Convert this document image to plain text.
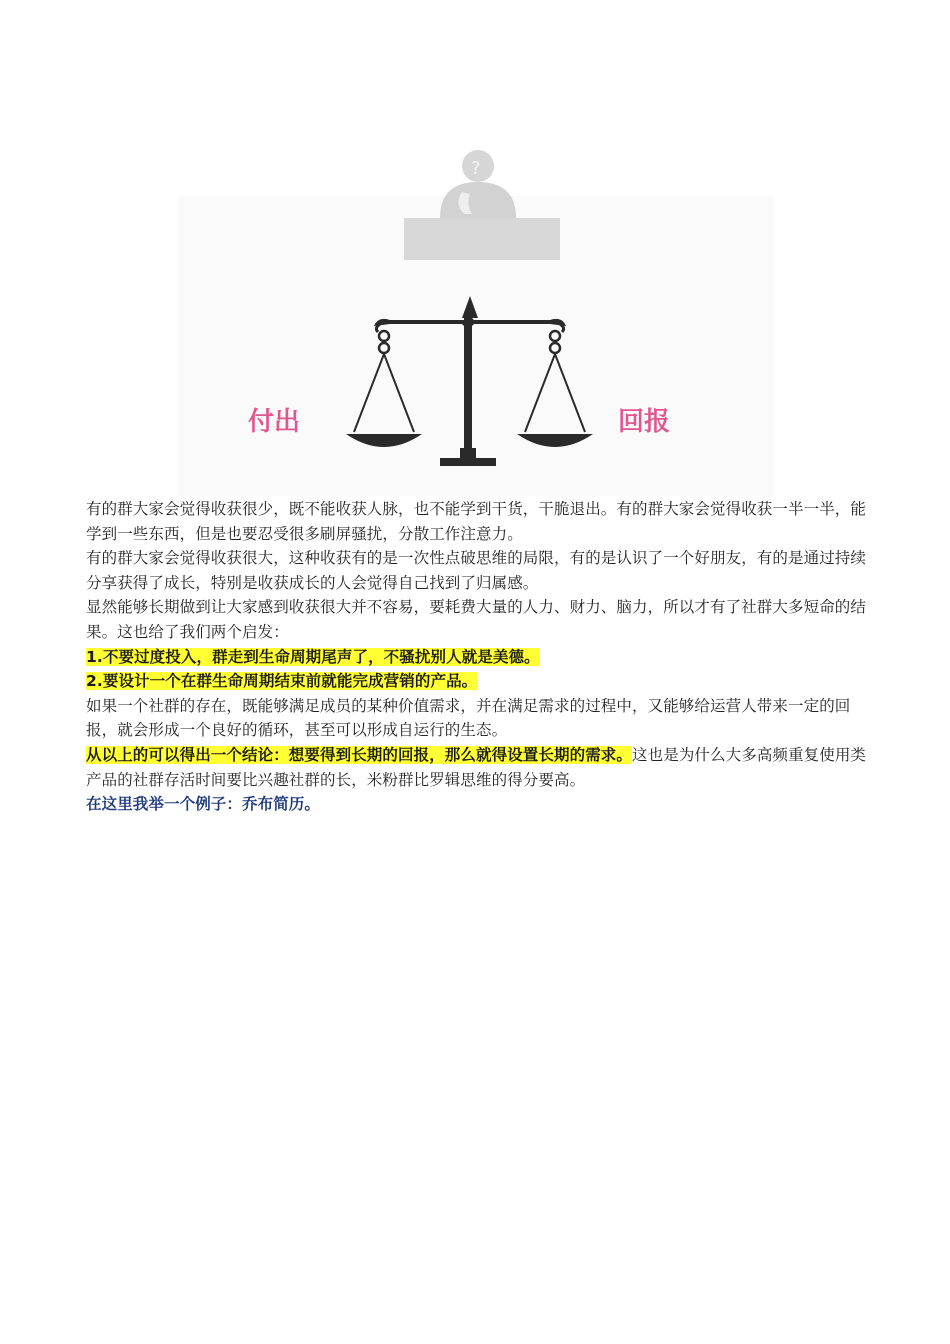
?
付出	回报

有的群大家会觉得收获很少，既不能收获人脉，也不能学到干货，干脆退出。有的群大家会觉得收获一半一半，能学到一些东西，但是也要忍受很多刷屏骚扰，分散工作注意力。

有的群大家会觉得收获很大，这种收获有的是一次性点破思维的局限，有的是认识了一个好朋友，有的是通过持续分享获得了成长，特别是收获成长的人会觉得自己找到了归属感。

显然能够长期做到让大家感到收获很大并不容易，要耗费大量的人力、财力、脑力，所以才有了社群大多短命的结果。这也给了我们两个启发：

1.不要过度投入，群走到生命周期尾声了，不骚扰别人就是美德。

2.要设计一个在群生命周期结束前就能完成营销的产品。

如果一个社群的存在，既能够满足成员的某种价值需求，并在满足需求的过程中，又能够给运营人带来一定的回报，就会形成一个良好的循环，甚至可以形成自运行的生态。

从以上的可以得出一个结论：想要得到长期的回报，那么就得设置长期的需求。这也是为什么大多高频重复使用类产品的社群存活时间要比兴趣社群的长，米粉群比罗辑思维的得分要高。

在这里我举一个例子：乔布简历。
